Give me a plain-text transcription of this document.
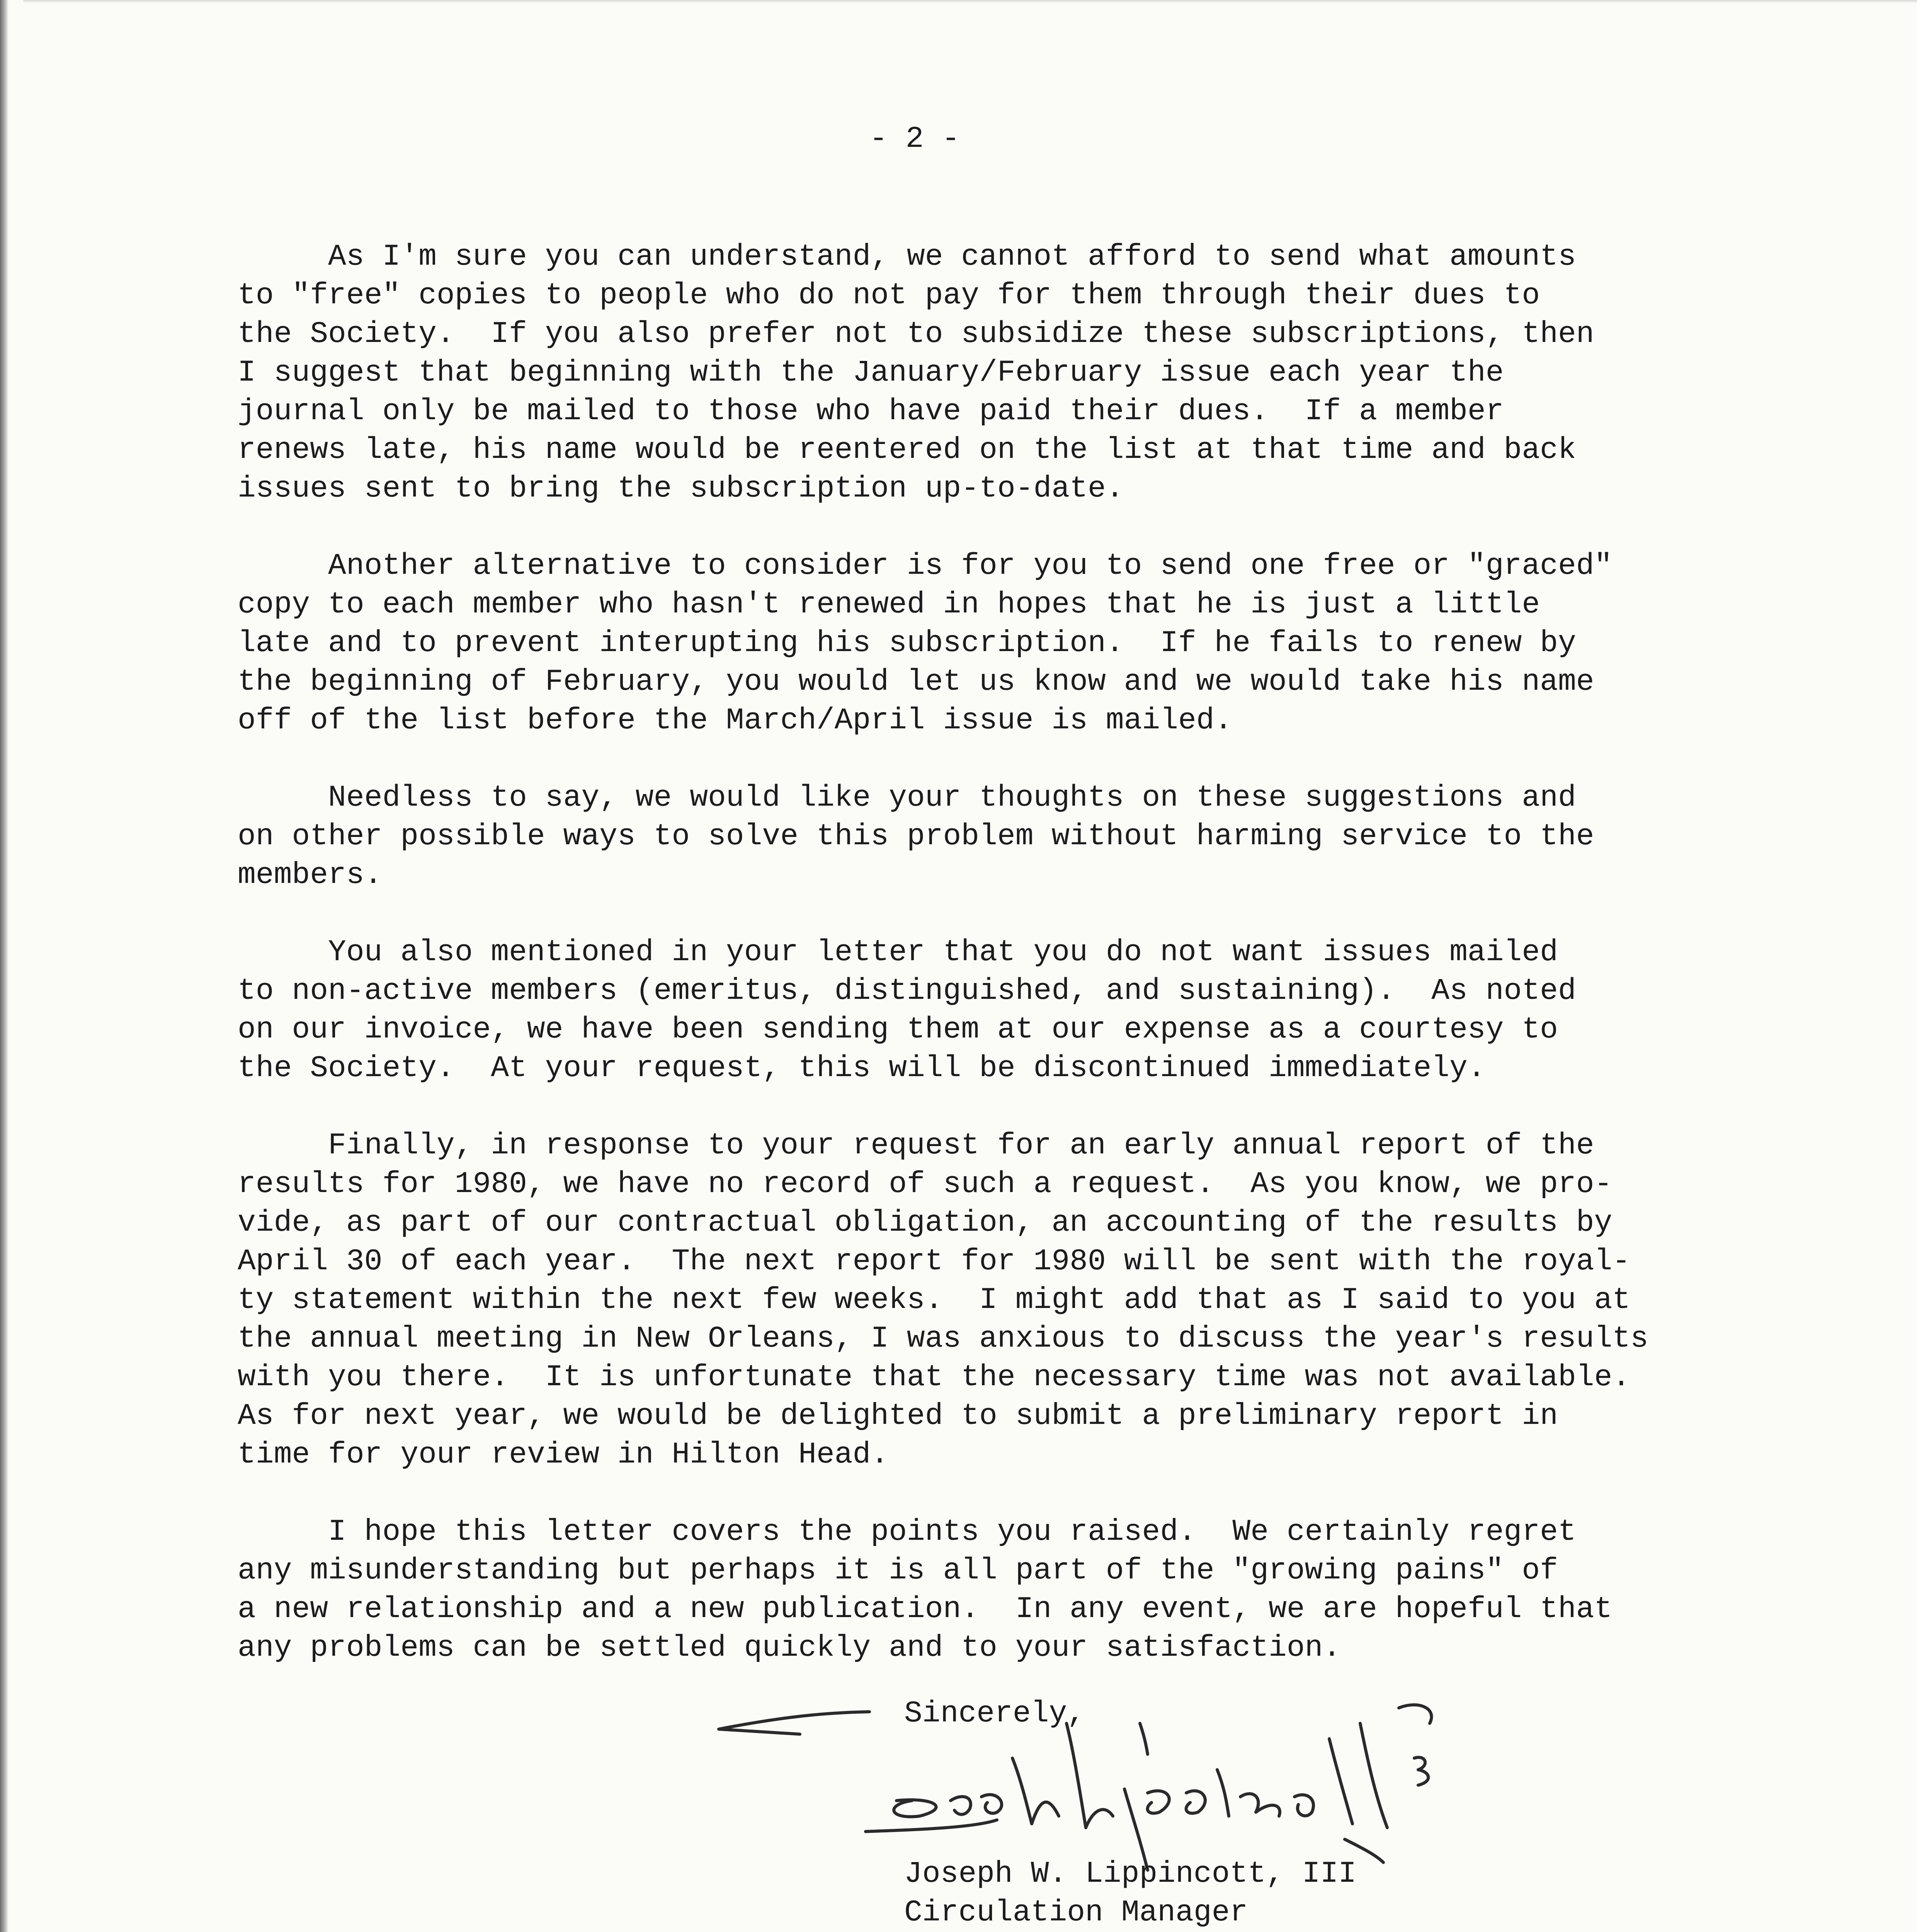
- 2 -
As I'm sure you can understand, we cannot afford to send what amounts
to "free" copies to people who do not pay for them through their dues to
the Society.  If you also prefer not to subsidize these subscriptions, then
I suggest that beginning with the January/February issue each year the
journal only be mailed to those who have paid their dues.  If a member
renews late, his name would be reentered on the list at that time and back
issues sent to bring the subscription up-to-date.
Another alternative to consider is for you to send one free or "graced"
copy to each member who hasn't renewed in hopes that he is just a little
late and to prevent interupting his subscription.  If he fails to renew by
the beginning of February, you would let us know and we would take his name
off of the list before the March/April issue is mailed.
Needless to say, we would like your thoughts on these suggestions and
on other possible ways to solve this problem without harming service to the
members.
You also mentioned in your letter that you do not want issues mailed
to non-active members (emeritus, distinguished, and sustaining).  As noted
on our invoice, we have been sending them at our expense as a courtesy to
the Society.  At your request, this will be discontinued immediately.
Finally, in response to your request for an early annual report of the
results for 1980, we have no record of such a request.  As you know, we pro-
vide, as part of our contractual obligation, an accounting of the results by
April 30 of each year.  The next report for 1980 will be sent with the royal-
ty statement within the next few weeks.  I might add that as I said to you at
the annual meeting in New Orleans, I was anxious to discuss the year's results
with you there.  It is unfortunate that the necessary time was not available.
As for next year, we would be delighted to submit a preliminary report in
time for your review in Hilton Head.
I hope this letter covers the points you raised.  We certainly regret
any misunderstanding but perhaps it is all part of the "growing pains" of
a new relationship and a new publication.  In any event, we are hopeful that
any problems can be settled quickly and to your satisfaction.
Sincerely,
Joseph W. Lippincott, III
Circulation Manager
